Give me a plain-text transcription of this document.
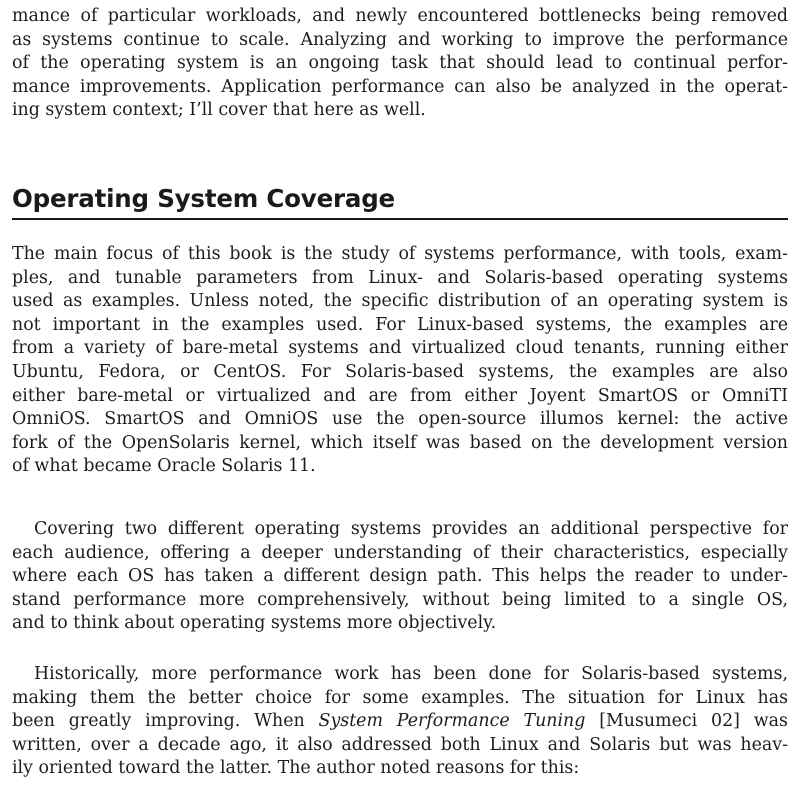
mance of particular workloads, and newly encountered bottlenecks being removed
as systems continue to scale. Analyzing and working to improve the performance
of the operating system is an ongoing task that should lead to continual perfor-
mance improvements. Application performance can also be analyzed in the operat-
ing system context; I’ll cover that here as well.
Operating System Coverage
The main focus of this book is the study of systems performance, with tools, exam-
ples, and tunable parameters from Linux- and Solaris-based operating systems
used as examples. Unless noted, the specific distribution of an operating system is
not important in the examples used. For Linux-based systems, the examples are
from a variety of bare-metal systems and virtualized cloud tenants, running either
Ubuntu, Fedora, or CentOS. For Solaris-based systems, the examples are also
either bare-metal or virtualized and are from either Joyent SmartOS or OmniTI
OmniOS. SmartOS and OmniOS use the open-source illumos kernel: the active
fork of the OpenSolaris kernel, which itself was based on the development version
of what became Oracle Solaris 11.
Covering two different operating systems provides an additional perspective for
each audience, offering a deeper understanding of their characteristics, especially
where each OS has taken a different design path. This helps the reader to under-
stand performance more comprehensively, without being limited to a single OS,
and to think about operating systems more objectively.
Historically, more performance work has been done for Solaris-based systems,
making them the better choice for some examples. The situation for Linux has
been greatly improving. When System Performance Tuning [Musumeci 02] was
written, over a decade ago, it also addressed both Linux and Solaris but was heav-
ily oriented toward the latter. The author noted reasons for this:
